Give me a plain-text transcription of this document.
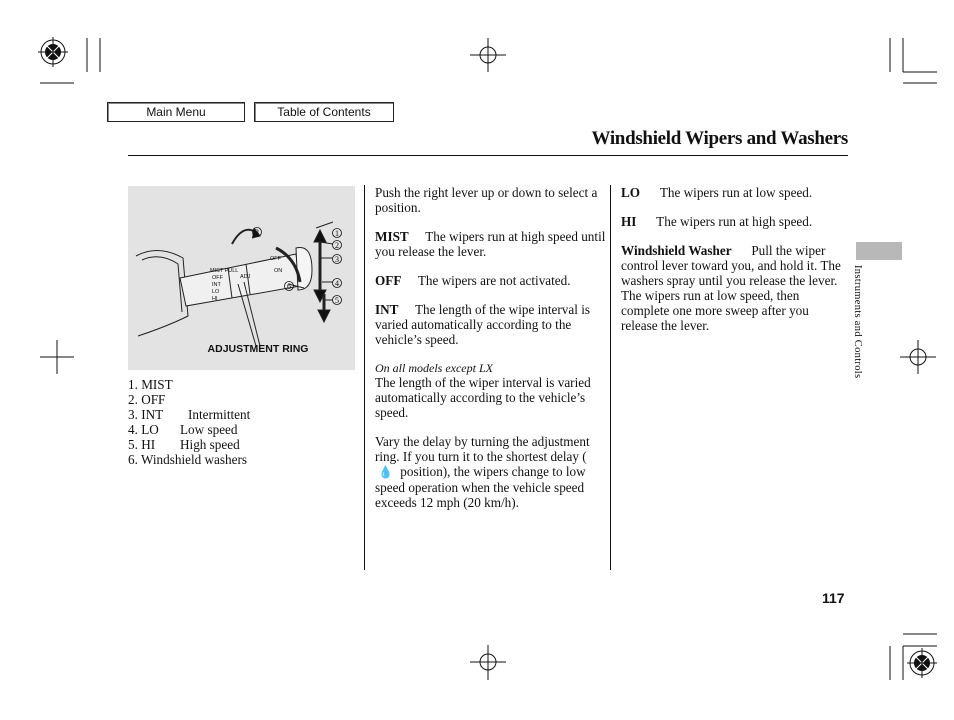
Main Menu	Table of Contents
Windshield Wipers and Washers
MIST PULL
OFF
INT
LO
HI
ADJ
OFF
ON
1
2
3
4
5
6
3
ADJUSTMENT RING
1. MIST
2. OFF
3. INT	Intermittent
4. LO	Low speed
5. HI	High speed
6. Windshield washers

Push the right lever up or down to select a position.

MIST The wipers run at high speed until you release the lever.

OFF The wipers are not activated.

INT The length of the wipe interval is varied automatically according to the vehicle’s speed.

On all models except LX

The length of the wiper interval is varied automatically according to the vehicle’s speed.

Vary the delay by turning the adjustment ring. If you turn it to the shortest delay ( 💧  position), the wipers change to low speed operation when the vehicle speed exceeds 12 mph (20 km/h).

LO The wipers run at low speed.

HI The wipers run at high speed.

Windshield Washer Pull the wiper control lever toward you, and hold it. The washers spray until you release the lever. The wipers run at low speed, then complete one more sweep after you release the lever.	Instruments and Controls
117
